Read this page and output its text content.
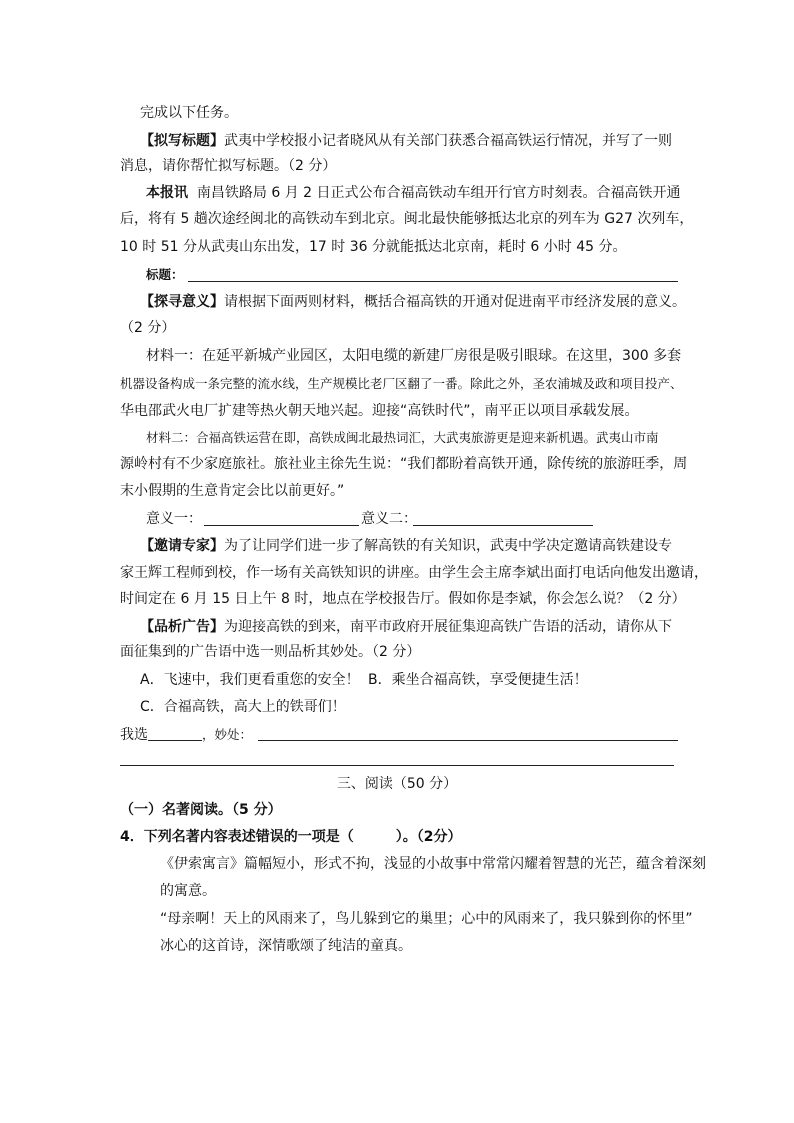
完成以下任务。
【拟写标题】武夷中学校报小记者晓风从有关部门获悉合福高铁运行情况，并写了一则
消息，请你帮忙拟写标题。（2 分）
本报讯 南昌铁路局 6 月 2 日正式公布合福高铁动车组开行官方时刻表。合福高铁开通
后，将有 5 趟次途经闽北的高铁动车到北京。闽北最快能够抵达北京的列车为 G27 次列车，
10 时 51 分从武夷山东出发，17 时 36 分就能抵达北京南，耗时 6 小时 45 分。
标题：
【探寻意义】请根据下面两则材料，概括合福高铁的开通对促进南平市经济发展的意义。
（2 分）
材料一：在延平新城产业园区，太阳电缆的新建厂房很是吸引眼球。在这里，300 多套
机器设备构成一条完整的流水线，生产规模比老厂区翻了一番。除此之外，圣农浦城及政和项目投产、
华电邵武火电厂扩建等热火朝天地兴起。迎接“高铁时代”，南平正以项目承载发展。
材料二：合福高铁运营在即，高铁成闽北最热词汇，大武夷旅游更是迎来新机遇。武夷山市南
源岭村有不少家庭旅社。旅社业主徐先生说：“我们都盼着高铁开通，除传统的旅游旺季，周
末小假期的生意肯定会比以前更好。”
意义一：	意义二：
【邀请专家】为了让同学们进一步了解高铁的有关知识，武夷中学决定邀请高铁建设专
家王辉工程师到校，作一场有关高铁知识的讲座。由学生会主席李斌出面打电话向他发出邀请，
时间定在 6 月 15 日上午 8 时，地点在学校报告厅。假如你是李斌，你会怎么说？（2 分）
【品析广告】为迎接高铁的到来，南平市政府开展征集迎高铁广告语的活动，请你从下
面征集到的广告语中选一则品析其妙处。（2 分）
A．飞速中，我们更看重您的安全！ B．乘坐合福高铁，享受便捷生活！
C．合福高铁，高大上的铁哥们！
我选	，妙处：
三、阅读（50 分）
（一）名著阅读。（5 分）
4．下列名著内容表述错误的一项是（　　　）。（2分）
《伊索寓言》篇幅短小，形式不拘，浅显的小故事中常常闪耀着智慧的光芒，蕴含着深刻
的寓意。
“母亲啊！天上的风雨来了，鸟儿躲到它的巢里；心中的风雨来了，我只躲到你的怀里”
冰心的这首诗，深情歌颂了纯洁的童真。
